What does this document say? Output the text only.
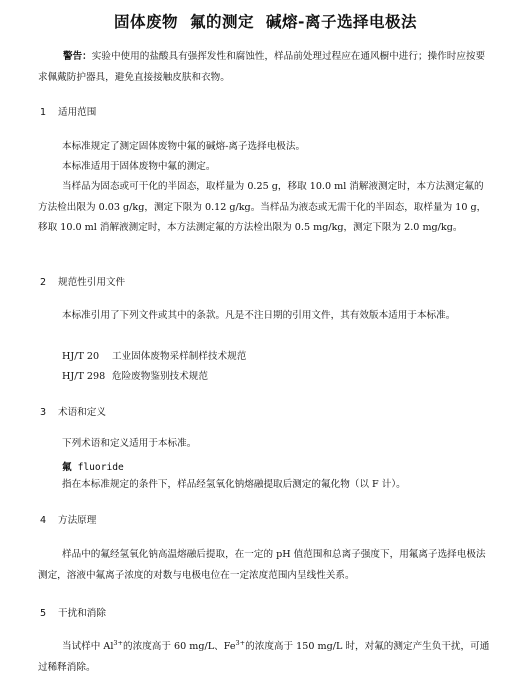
固体废物 氟的测定 碱熔-离子选择电极法

警告：实验中使用的盐酸具有强挥发性和腐蚀性，样品前处理过程应在通风橱中进行；操作时应按要求佩戴防护器具，避免直接接触皮肤和衣物。

1 适用范围

本标准规定了测定固体废物中氟的碱熔-离子选择电极法。

本标准适用于固体废物中氟的测定。

当样品为固态或可干化的半固态，取样量为 0.25 g，移取 10.0 ml 消解液测定时，本方法测定氟的方法检出限为 0.03 g/kg，测定下限为 0.12 g/kg。当样品为液态或无需干化的半固态，取样量为 10 g，移取 10.0 ml 消解液测定时，本方法测定氟的方法检出限为 0.5 mg/kg，测定下限为 2.0 mg/kg。

2 规范性引用文件

本标准引用了下列文件或其中的条款。凡是不注日期的引用文件，其有效版本适用于本标准。

HJ/T 20 工业固体废物采样制样技术规范
HJ/T 298 危险废物鉴别技术规范
3 术语和定义

下列术语和定义适用于本标准。

氟 fluoride

指在本标准规定的条件下，样品经氢氧化钠熔融提取后测定的氟化物（以 F 计）。

4 方法原理

样品中的氟经氢氧化钠高温熔融后提取，在一定的 pH 值范围和总离子强度下，用氟离子选择电极法测定，溶液中氟离子浓度的对数与电极电位在一定浓度范围内呈线性关系。

5 干扰和消除

当试样中 $Al^{3+}$的浓度高于 60 mg/L、$Fe^{3+}$的浓度高于 150 mg/L 时，对氟的测定产生负干扰，可通过稀释消除。
